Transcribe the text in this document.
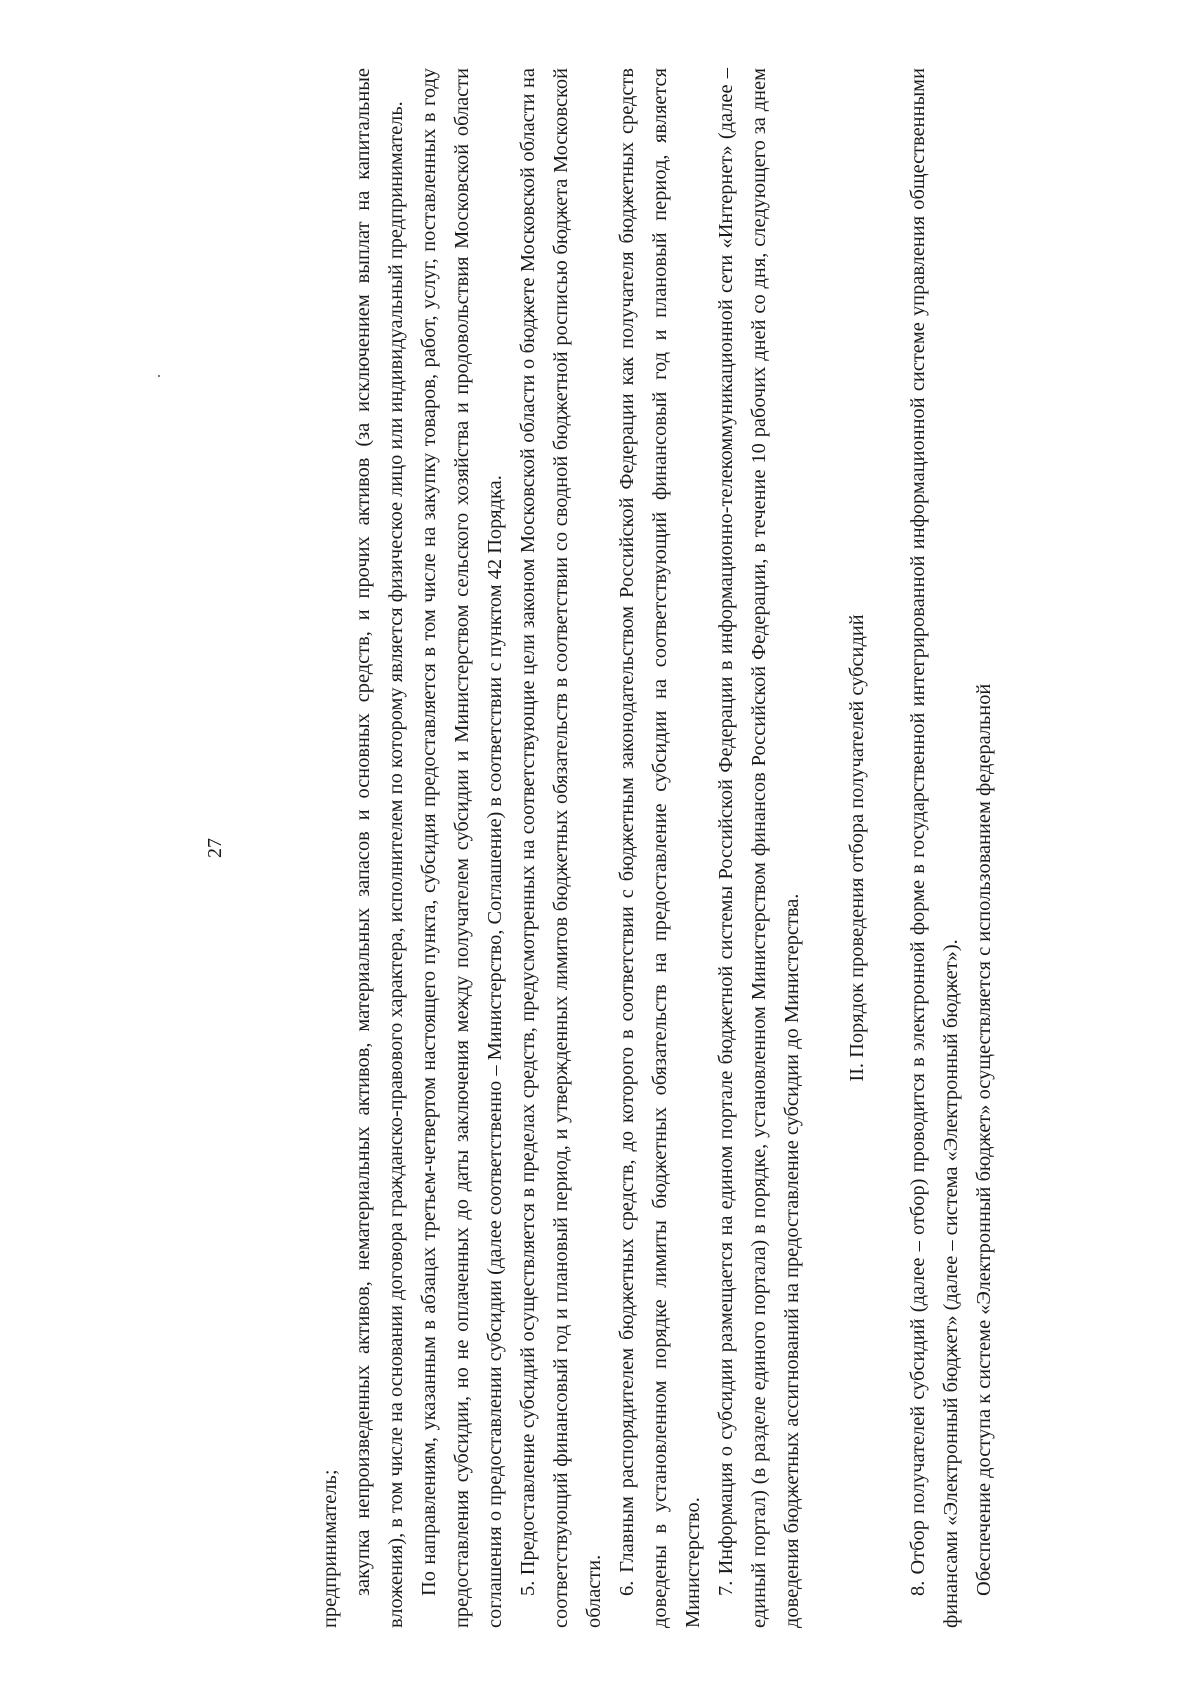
27

предприниматель; закупка непроизведенных активов, нематериальных активов, материальных запасов и основных средств, и прочих активов (за исключением выплат на капитальные вложения), в том числе на основании договора гражданско-правового характера, исполнителем по которому является физическое лицо или индивидуальный предприниматель. По направлениям, указанным в абзацах третьем-четвертом настоящего пункта, субсидия предоставляется в том числе на закупку товаров, работ, услуг, поставленных в году предоставления субсидии, но не оплаченных до даты заключения между получателем субсидии и Министерством сельского хозяйства и продовольствия Московской области соглашения о предоставлении субсидии (далее соответственно – Министерство, Соглашение) в соответствии с пунктом 42 Порядка. 5. Предоставление субсидий осуществляется в пределах средств, предусмотренных на соответствующие цели законом Московской области о бюджете Московской области на соответствующий финансовый год и плановый период, и утвержденных лимитов бюджетных обязательств в соответствии со сводной бюджетной росписью бюджета Московской области. 6. Главным распорядителем бюджетных средств, до которого в соответствии с бюджетным законодательством Российской Федерации как получателя бюджетных средств доведены в установленном порядке лимиты бюджетных обязательств на предоставление субсидии на соответствующий финансовый год и плановый период, является Министерство. 7. Информация о субсидии размещается на едином портале бюджетной системы Российской Федерации в информационно-телекоммуникационной сети «Интернет» (далее – единый портал) (в разделе единого портала) в порядке, установленном Министерством финансов Российской Федерации, в течение 10 рабочих дней со дня, следующего за днем доведения бюджетных ассигнований на предоставление субсидии до Министерства.

II. Порядок проведения отбора получателей субсидий 8. Отбор получателей субсидий (далее – отбор) проводится в электронной форме в государственной интегрированной информационной системе управления общественными финансами «Электронный бюджет» (далее – система «Электронный бюджет»). Обеспечение доступа к системе «Электронный бюджет» осуществляется с использованием федеральной
